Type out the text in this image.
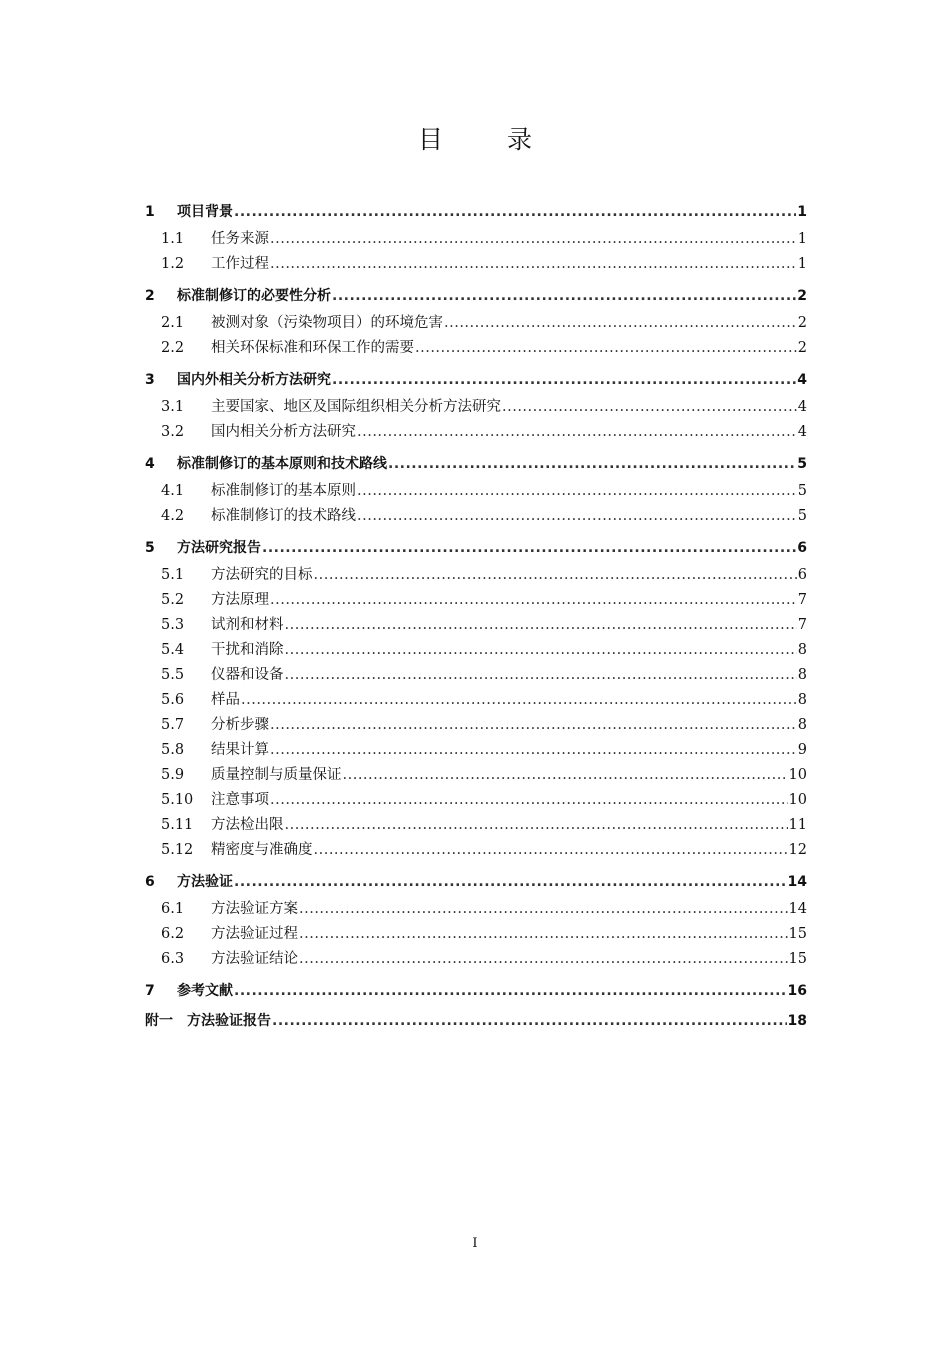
目 录
1	项目背景 .....	1
1.1	任务来源 .....	1
1.2	工作过程 .....	1
2	标准制修订的必要性分析 .....	2
2.1	被测对象（污染物项目）的环境危害 .....	2
2.2	相关环保标准和环保工作的需要 .....	2
3	国内外相关分析方法研究 .....	4
3.1	主要国家、地区及国际组织相关分析方法研究 .....	4
3.2	国内相关分析方法研究 .....	4
4	标准制修订的基本原则和技术路线 .....	5
4.1	标准制修订的基本原则 .....	5
4.2	标准制修订的技术路线 .....	5
5	方法研究报告 .....	6
5.1	方法研究的目标 .....	6
5.2	方法原理 .....	7
5.3	试剂和材料 .....	7
5.4	干扰和消除 .....	8
5.5	仪器和设备 .....	8
5.6	样品 .....	8
5.7	分析步骤 .....	8
5.8	结果计算 .....	9
5.9	质量控制与质量保证 .....	10
5.10	注意事项 .....	10
5.11	方法检出限 .....	11
5.12	精密度与准确度 .....	12
6	方法验证 .....	14
6.1	方法验证方案 .....	14
6.2	方法验证过程 .....	15
6.3	方法验证结论 .....	15
7	参考文献 .....	16
附一	方法验证报告 .....	18
I
